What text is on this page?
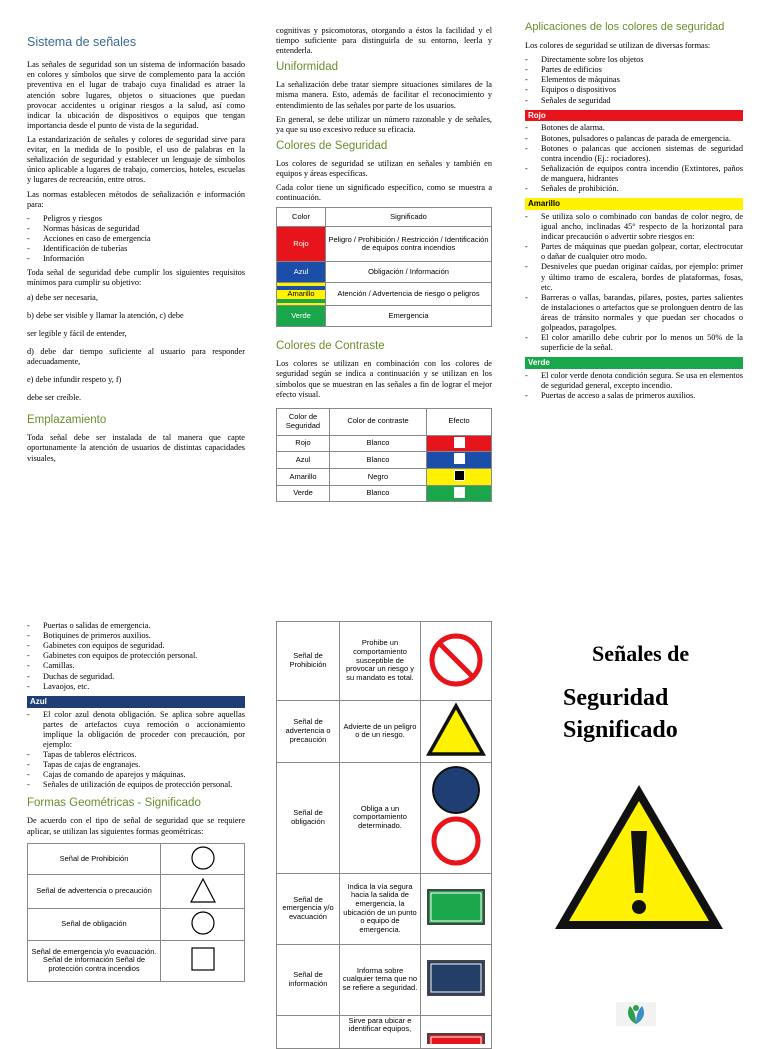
Sistema de señales

Las señales de seguridad son un sistema de información basado en colores y símbolos que sirve de complemento para la acción preventiva en el lugar de trabajo cuya finalidad es atraer la atención sobre lugares, objetos o situaciones que puedan provocar accidentes u originar riesgos a la salud, así como indicar la ubicación de dispositivos o equipos que tengan importancia desde el punto de vista de la seguridad.

La estandarización de señales y colores de seguridad sirve para evitar, en la medida de lo posible, el uso de palabras en la señalización de seguridad y establecer un lenguaje de símbolos único aplicable a lugares de trabajo, comercios, hoteles, escuelas y lugares de recreación, entre otros.

Las normas establecen métodos de señalización e información para:

- Peligros y riesgos
- Normas básicas de seguridad
- Acciones en caso de emergencia
- Identificación de tuberías
- Información

Toda señal de seguridad debe cumplir los siguientes requisitos mínimos para cumplir su objetivo:

a) debe ser necesaria,

b) debe ser visible y llamar la atención, c) debe

ser legible y fácil de entender,

d) debe dar tiempo suficiente al usuario para responder adecuadamente,

e) debe infundir respeto y, f)

debe ser creíble.

Emplazamiento

Toda señal debe ser instalada de tal manera que capte oportunamente la atención de usuarios de distintas capacidades visuales,

cognitivas y psicomotoras, otorgando a éstos la facilidad y el tiempo suficiente para distinguirla de su entorno, leerla y entenderla.

Uniformidad

La señalización debe tratar siempre situaciones similares de la misma manera. Esto, además de facilitar el reconocimiento y entendimiento de las señales por parte de los usuarios.

En general, se debe utilizar un número razonable y de señales, ya que su uso excesivo reduce su eficacia.

Colores de Seguridad

Los colores de seguridad se utilizan en señales y también en equipos y áreas específicas.

Cada color tiene un significado específico, como se muestra a continuación.

Color	Significado
Rojo	Peligro / Prohibición / Restricción / Identificación de equipos contra incendios
Azul	Obligación / Información

Amarillo	Atención / Advertencia de riesgo o peligros
Verde	Emergencia
Colores de Contraste

Los colores se utilizan en combinación con los colores de seguridad según se indica a continuación y se utilizan en los símbolos que se muestran en las señales a fin de lograr el mejor efecto visual.

Color de Seguridad	Color de contraste	Efecto
Rojo	Blanco	
Azul	Blanco	
Amarillo	Negro	
Verde	Blanco	
Aplicaciones de los colores de seguridad

Los colores de seguridad se utilizan de diversas formas:

- Directamente sobre los objetos
- Partes de edificios
- Elementos de máquinas
- Equipos o dispositivos
- Señales de seguridad
Rojo
- Botones de alarma.
- Botones, pulsadores o palancas de parada de emergencia.
- Botones o palancas que accionen sistemas de seguridad contra incendio (Ej.: rociadores).
- Señalización de equipos contra incendio (Extintores, paños de manguera, hidrantes
- Señales de prohibición.
Amarillo
- Se utiliza solo o combinado con bandas de color negro, de igual ancho, inclinadas 45° respecto de la horizontal para indicar precaución o advertir sobre riesgos en:
- Partes de máquinas que puedan golpear, cortar, electrocutar o dañar de cualquier otro modo.
- Desniveles que puedan originar caídas, por ejemplo: primer y último tramo de escalera, bordes de plataformas, fosas, etc.
- Barreras o vallas, barandas, pilares, postes, partes salientes de instalaciones o artefactos que se prolonguen dentro de las áreas de tránsito normales y que puedan ser chocados o golpeados, paragolpes.
- El color amarillo debe cubrir por lo menos un 50% de la superficie de la señal.
Verde
- El color verde denota condición segura. Se usa en elementos de seguridad general, excepto incendio.
- Puertas de acceso a salas de primeros auxilios.
- Puertas o salidas de emergencia.
- Botiquines de primeros auxilios.
- Gabinetes con equipos de seguridad.
- Gabinetes con equipos de protección personal.
- Camillas.
- Duchas de seguridad.
- Lavaojos, etc.
Azul
- El color azul denota obligación. Se aplica sobre aquellas partes de artefactos cuya remoción o accionamiento implique la obligación de proceder con precaución, por ejemplo:
- Tapas de tableros eléctricos.
- Tapas de cajas de engranajes.
- Cajas de comando de aparejos y máquinas.
- Señales de utilización de equipos de protección personal.
Formas Geométricas - Significado

De acuerdo con el tipo de señal de seguridad que se requiere aplicar, se utilizan las siguientes formas geométricas:

Señal de Prohibición	
Señal de advertencia o precaución	
Señal de obligación	
Señal de emergencia y/o evacuación. Señal de información Señal de protección contra incendios	
Señal de Prohibición	Prohibe un comportamiento susceptible de provocar un riesgo y su mandato es total.	
Señal de advertencia o precaución	Advierte de un peligro o de un riesgo.	
Señal de obligación	Obliga a un comportamiento determinado.	
Señal de emergencia y/o evacuación	Indica la vía segura hacia la salida de emergencia, la ubicación de un punto o equipo de emergencia.	
Señal de información	Informa sobre cualquier tema que no se refiere a seguridad.	
	Sirve para ubicar e identificar equipos,	
Señales de
Seguridad
Significado
